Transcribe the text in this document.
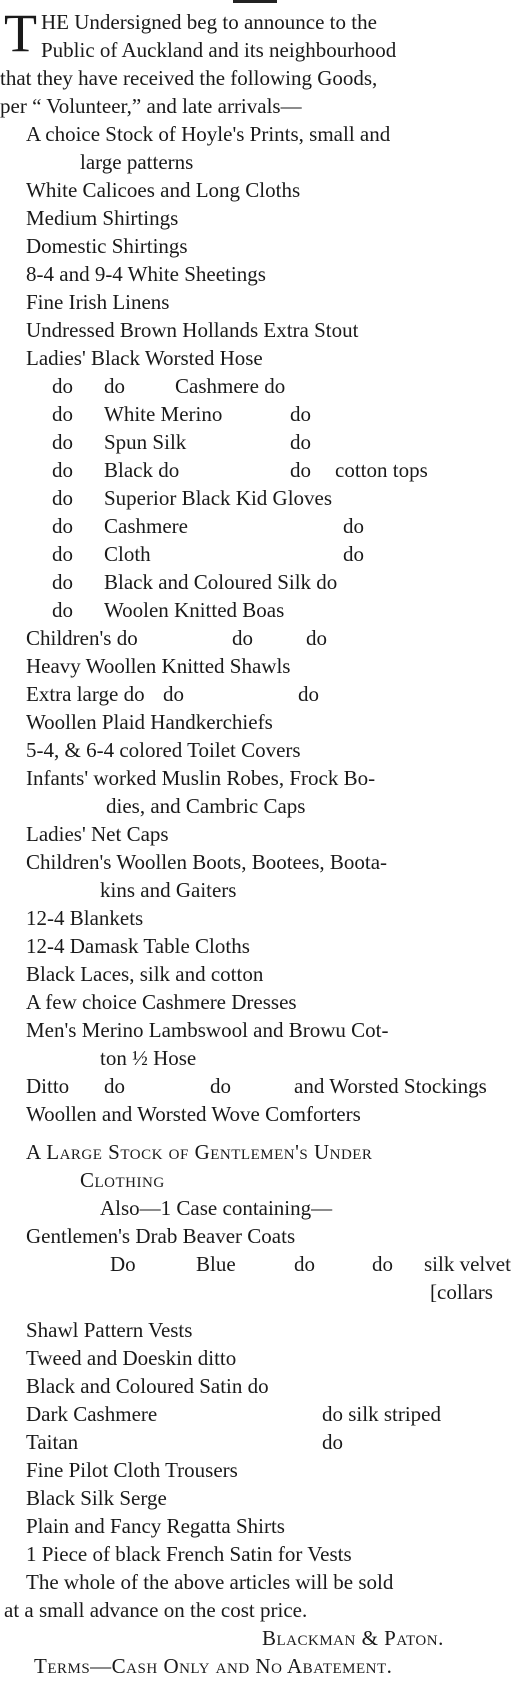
T HE Undersigned beg to announce to the
Public of Auckland and its neighbourhood
that they have received the following Goods,
per “ Volunteer,” and late arrivals—
A choice Stock of Hoyle's Prints, small and
large patterns
White Calicoes and Long Cloths
Medium Shirtings
Domestic Shirtings
8-4 and 9-4 White Sheetings
Fine Irish Linens
Undressed Brown Hollands Extra Stout
Ladies' Black Worsted Hose
do do Cashmere do
do White Merino	do
do Spun Silk	do
do Black do	do cotton tops
do Superior Black Kid Gloves
do Cashmere	do
do Cloth	do
do Black and Coloured Silk do
do Woolen Knitted Boas
Children's do	do	do
Heavy Woollen Knitted Shawls
Extra large do do	do
Woollen Plaid Handkerchiefs
5-4, & 6-4 colored Toilet Covers
Infants' worked Muslin Robes, Frock Bo-
dies, and Cambric Caps
Ladies' Net Caps
Children's Woollen Boots, Bootees, Boota-
kins and Gaiters
12-4 Blankets
12-4 Damask Table Cloths
Black Laces, silk and cotton
A few choice Cashmere Dresses
Men's Merino Lambswool and Browu Cot-
ton ½ Hose
Ditto do	do	and Worsted Stockings
Woollen and Worsted Wove Comforters
A Large Stock of Gentlemen's Under
Clothing
Also—1 Case containing—
Gentlemen's Drab Beaver Coats
Do	Blue	do	do silk velvet
[collars
Shawl Pattern Vests
Tweed and Doeskin ditto
Black and Coloured Satin do
Dark Cashmere	do silk striped
Taitan	do
Fine Pilot Cloth Trousers
Black Silk Serge
Plain and Fancy Regatta Shirts
1 Piece of black French Satin for Vests
The whole of the above articles will be sold
at a small advance on the cost price.
Blackman & Paton.
Terms—Cash Only and No Abatement.
